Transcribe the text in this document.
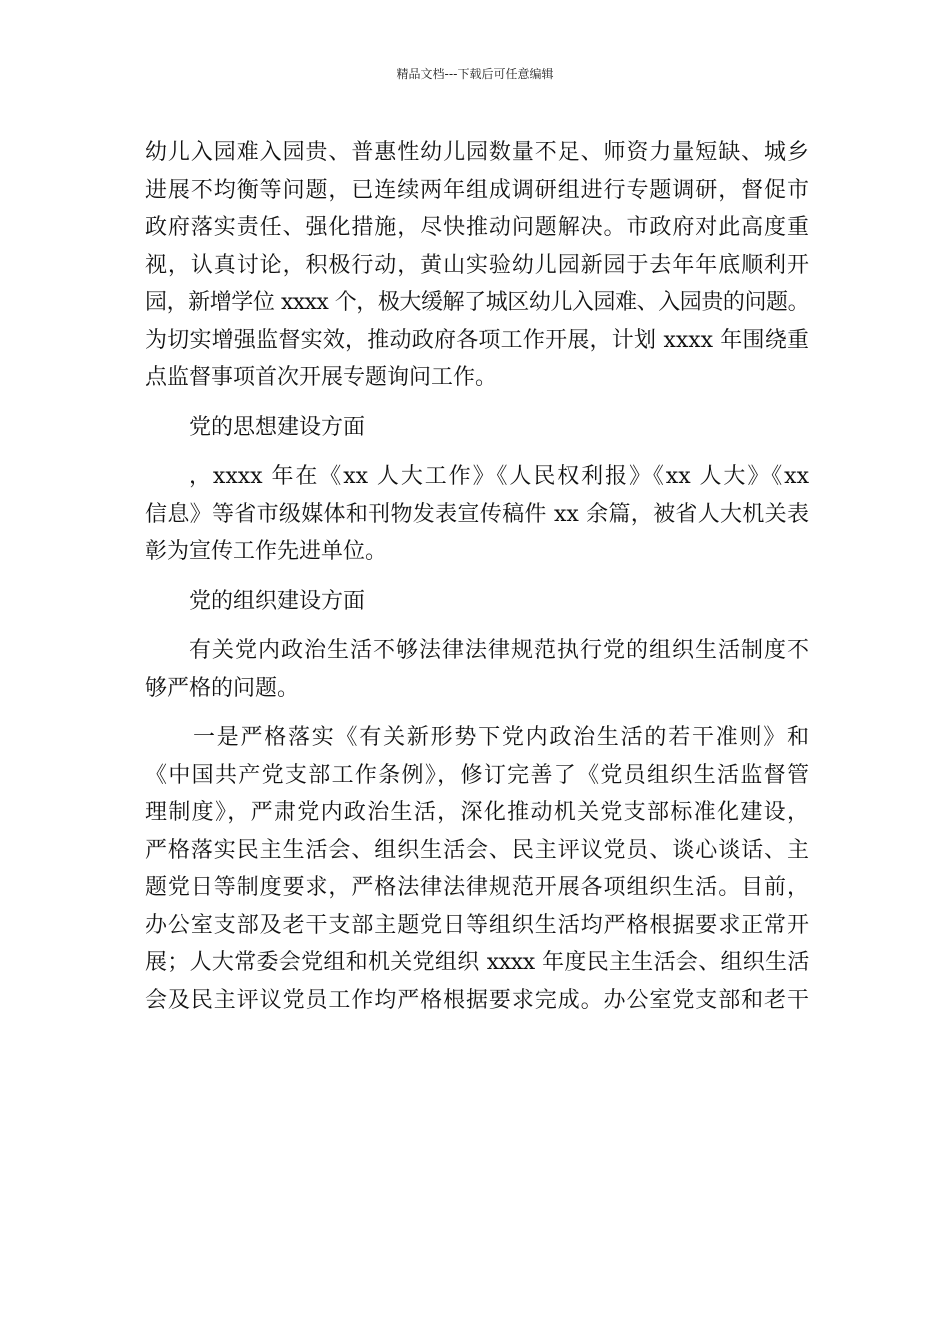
精品文档---下载后可任意编辑
幼儿入园难入园贵、普惠性幼儿园数量不足、师资力量短缺、城乡
进展不均衡等问题，已连续两年组成调研组进行专题调研，督促市
政府落实责任、强化措施，尽快推动问题解决。市政府对此高度重
视，认真讨论，积极行动，黄山实验幼儿园新园于去年年底顺利开
园，新增学位 xxxx 个，极大缓解了城区幼儿入园难、入园贵的问题。
为切实增强监督实效，推动政府各项工作开展，计划 xxxx 年围绕重
点监督事项首次开展专题询问工作。
党的思想建设方面
，xxxx 年在《xx 人大工作》《人民权利报》《xx 人大》《xx
信息》等省市级媒体和刊物发表宣传稿件 xx 余篇，被省人大机关表
彰为宣传工作先进单位。
党的组织建设方面
有关党内政治生活不够法律法律规范执行党的组织生活制度不
够严格的问题。
一是严格落实《有关新形势下党内政治生活的若干准则》和
《中国共产党支部工作条例》，修订完善了《党员组织生活监督管
理制度》，严肃党内政治生活，深化推动机关党支部标准化建设，
严格落实民主生活会、组织生活会、民主评议党员、谈心谈话、主
题党日等制度要求，严格法律法律规范开展各项组织生活。目前，
办公室支部及老干支部主题党日等组织生活均严格根据要求正常开
展；人大常委会党组和机关党组织 xxxx 年度民主生活会、组织生活
会及民主评议党员工作均严格根据要求完成。办公室党支部和老干
